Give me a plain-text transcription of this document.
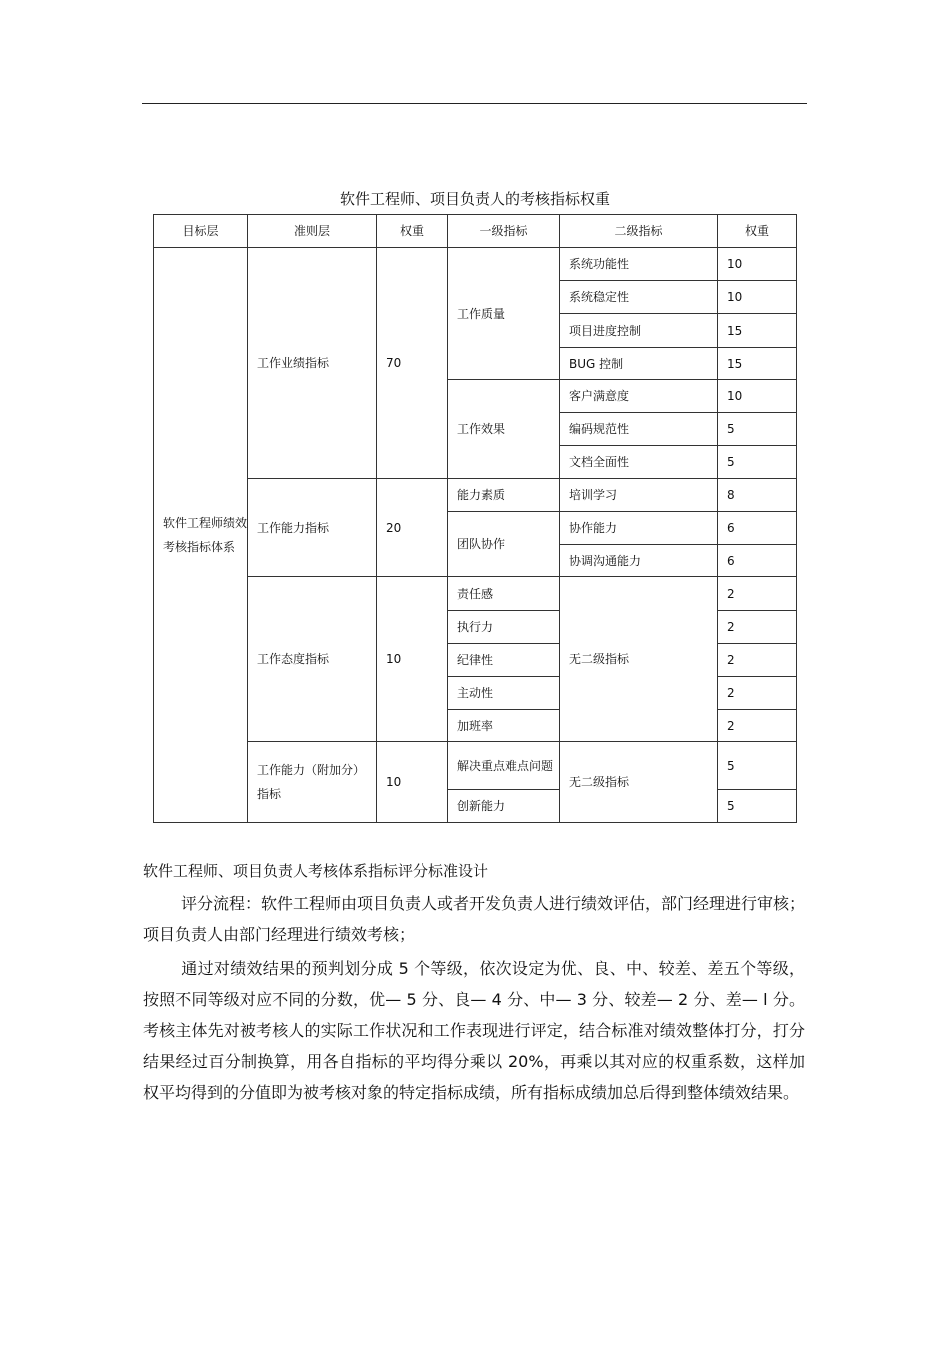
软件工程师、项目负责人的考核指标权重
目标层	准则层	权重	一级指标	二级指标	权重
软件工程师绩效考核指标体系	工作业绩指标	70	工作质量	系统功能性	10
				系统稳定性	10
				项目进度控制	15
				BUG 控制	15
			工作效果	客户满意度	10
				编码规范性	5
				文档全面性	5
	工作能力指标	20	能力素质	培训学习	8
			团队协作	协作能力	6
				协调沟通能力	6
	工作态度指标	10	责任感	无二级指标	2
			执行力		2
			纪律性		2
			主动性		2
			加班率		2
	工作能力（附加分）指标	10	解决重点难点问题	无二级指标	5
			创新能力		5
软件工程师、项目负责人考核体系指标评分标准设计
评分流程：软件工程师由项目负责人或者开发负责人进行绩效评估，部门经理进行审核；项目负责人由部门经理进行绩效考核；
通过对绩效结果的预判划分成 5 个等级，依次设定为优、良、中、较差、差五个等级，按照不同等级对应不同的分数，优— 5 分、良— 4 分、中— 3 分、较差— 2 分、差— l 分。考核主体先对被考核人的实际工作状况和工作表现进行评定，结合标准对绩效整体打分，打分结果经过百分制换算，用各自指标的平均得分乘以 20%，再乘以其对应的权重系数，这样加权平均得到的分值即为被考核对象的特定指标成绩，所有指标成绩加总后得到整体绩效结果。
